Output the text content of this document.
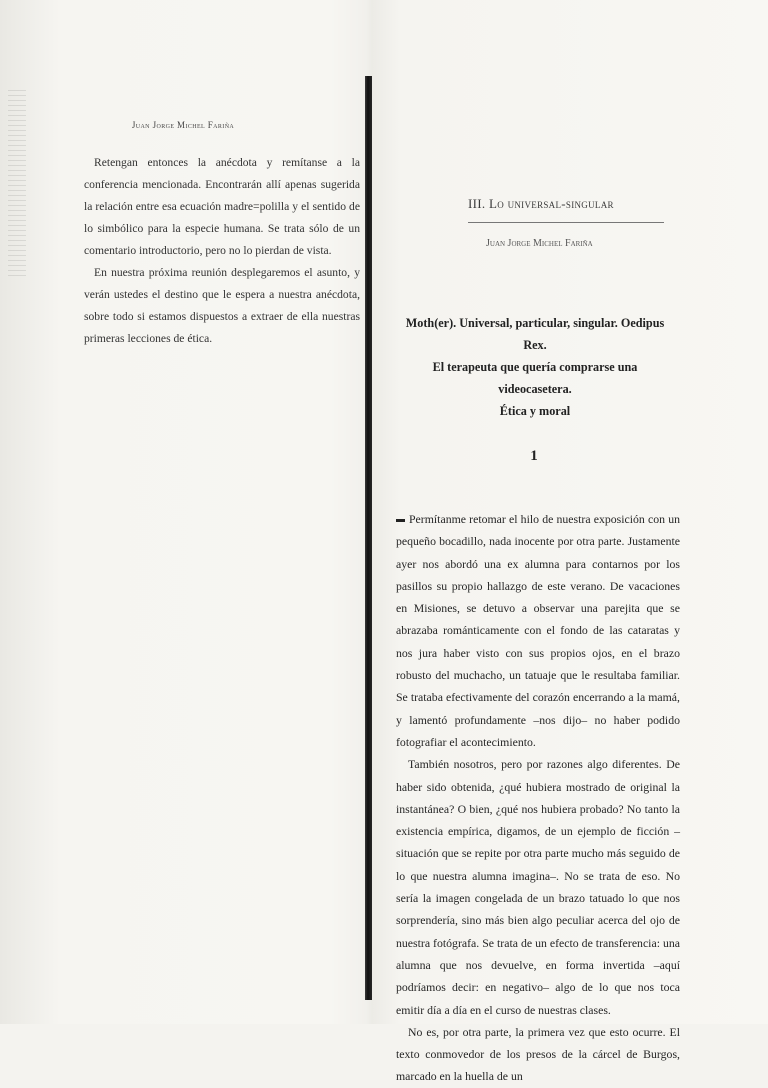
Juan Jorge Michel Fariña

Retengan entonces la anécdota y remítanse a la conferencia mencionada. Encontrarán allí apenas sugerida la relación entre esa ecuación madre=polilla y el sentido de lo simbólico para la especie humana. Se trata sólo de un comentario introductorio, pero no lo pierdan de vista.

En nuestra próxima reunión desplegaremos el asunto, y verán ustedes el destino que le espera a nuestra anécdota, sobre todo si estamos dispuestos a extraer de ella nuestras primeras lecciones de ética.

III. Lo universal-singular
Juan Jorge Michel Fariña
Moth(er). Universal, particular, singular. Oedipus Rex.
El terapeuta que quería comprarse una videocasetera.
Ética y moral
1

Permítanme retomar el hilo de nuestra exposición con un pequeño bocadillo, nada inocente por otra parte. Justamente ayer nos abordó una ex alumna para contarnos por los pasillos su propio hallazgo de este verano. De vacaciones en Misiones, se detuvo a observar una parejita que se abrazaba románticamente con el fondo de las cataratas y nos jura haber visto con sus propios ojos, en el brazo robusto del muchacho, un tatuaje que le resultaba familiar. Se trataba efectivamente del corazón encerrando a la mamá, y lamentó profundamente –nos dijo– no haber podido fotografiar el acontecimiento.

También nosotros, pero por razones algo diferentes. De haber sido obtenida, ¿qué hubiera mostrado de original la instantánea? O bien, ¿qué nos hubiera probado? No tanto la existencia empírica, digamos, de un ejemplo de ficción –situación que se repite por otra parte mucho más seguido de lo que nuestra alumna imagina–. No se trata de eso. No sería la imagen congelada de un brazo tatuado lo que nos sorprendería, sino más bien algo peculiar acerca del ojo de nuestra fotógrafa. Se trata de un efecto de transferencia: una alumna que nos devuelve, en forma invertida –aquí podríamos decir: en negativo– algo de lo que nos toca emitir día a día en el curso de nuestras clases.

No es, por otra parte, la primera vez que esto ocurre. El texto conmovedor de los presos de la cárcel de Burgos, marcado en la huella de un
